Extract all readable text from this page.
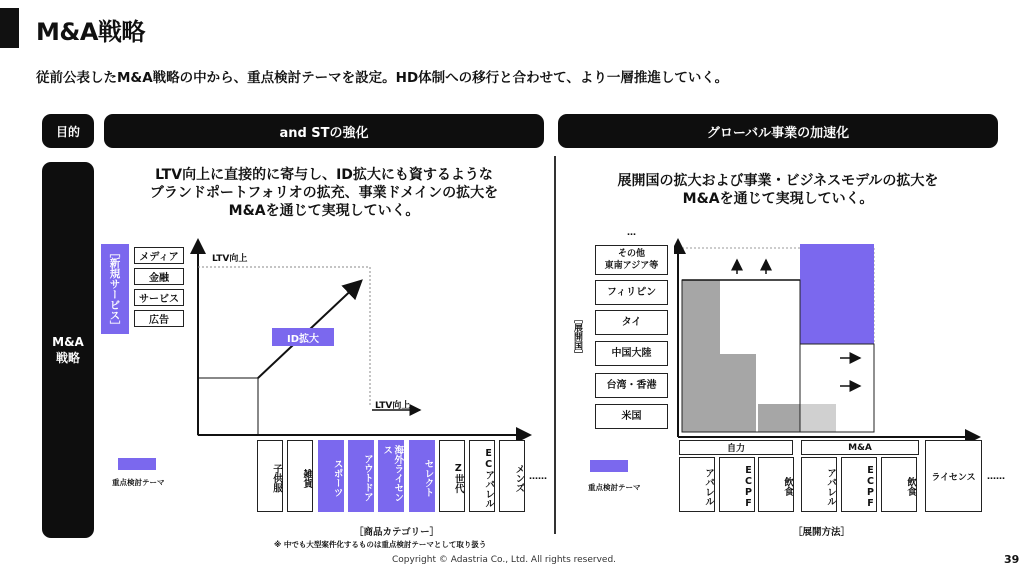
M&A戦略
従前公表したM&A戦略の中から、重点検討テーマを設定。HD体制への移行と合わせて、より一層推進していく。
目的
M&A
戦略
and STの強化	グローバル事業の加速化
LTV向上に直接的に寄与し、ID拡大にも資するような
ブランドポートフォリオの拡充、事業ドメインの拡大を
M&Aを通じて実現していく。
［新規サービス］	メディア
金融
サービス
広告
LTV向上
LTV向上
ID拡大
子供服	雑貨	スポーツ	アウトドア	海外ライセンス
セレクト	Z世代	ECアパレル	メンズ ……
［商品カテゴリー］
※ 中でも大型案件化するものは重点検討テーマとして取り扱う
重点検討テーマ
展開国の拡大および事業・ビジネスモデルの拡大を
M&Aを通じて実現していく。
…
［展開国］
その他
東南アジア等
フィリピン
タイ
中国大陸
台湾・香港
米国
自力	M&A
アパレル	ECPF	飲食	アパレル	ECPF	飲食	ライセンス	……
［展開方法］
重点検討テーマ
Copyright © Adastria Co., Ltd. All rights reserved.	39
